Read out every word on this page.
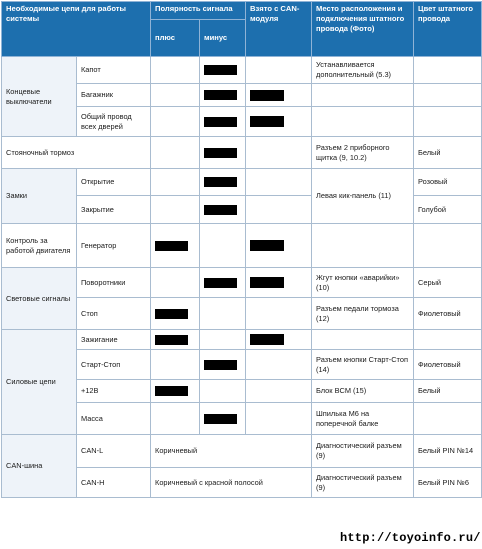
Необходимые цепи для работы системы		Полярность сигнала		Взято с CAN-модуля	Место расположения и подключения штатного провода (Фото)	Цвет штатного провода
		плюс	минус			
Концевые выключатели	Капот				Устанавливается дополнительный (5.3)	
	Багажник		

	Общий провод всех дверей		

Стояночный тормоз					Разъем 2 приборного щитка (9, 10.2)	Белый
Замки	Открытие				Левая кик-панель (11)	Розовый
	Закрытие					Голубой
Контроль за работой двигателя	Генератор	

Световые сигналы	Поворотники				Жгут кнопки «аварийки» (10)	Серый
	Стоп				Разъем педали тормоза (12)	Фиолетовый
Силовые цепи	Зажигание	

	Старт-Стоп				Разъем кнопки Старт-Стоп (14)	Фиолетовый
	+12В				Блок BCM (15)	Белый
	Масса				Шпилька М6 на поперечной балке	
CAN-шина	CAN-L	Коричневый			Диагностический разъем (9)	Белый PIN №14
	CAN-H	Коричневый с красной полосой			Диагностический разъем (9)	Белый PIN №6
http://toyoinfo.ru/
